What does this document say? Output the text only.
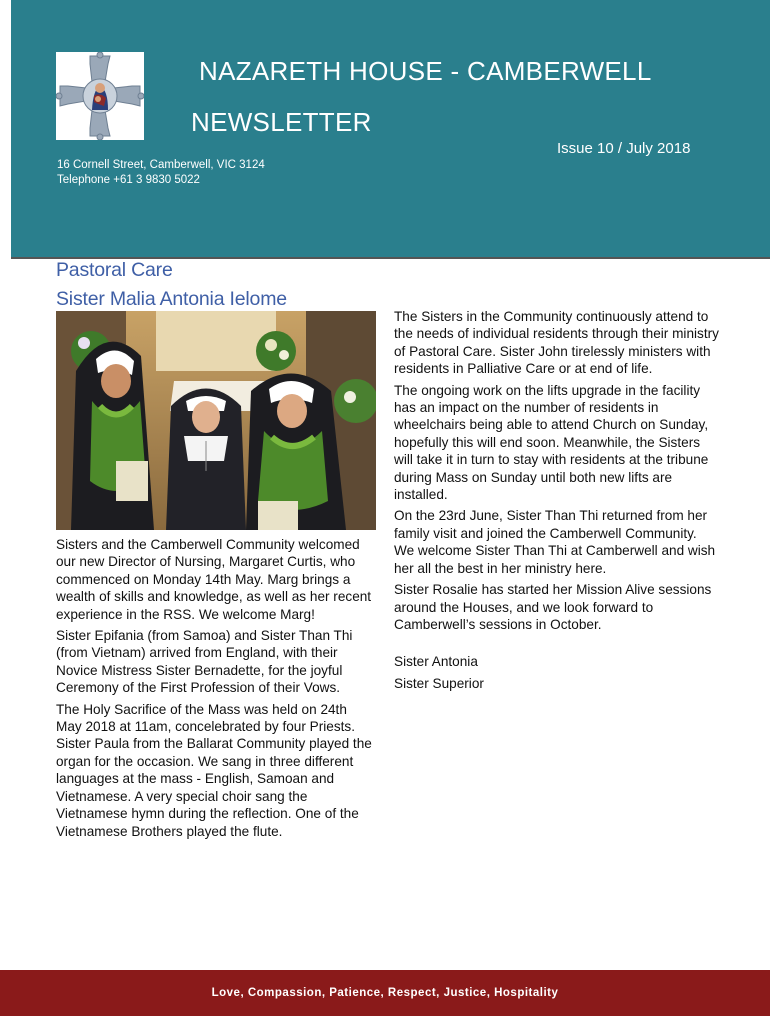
NAZARETH HOUSE - CAMBERWELL
NEWSLETTER
Issue 10 / July 2018
16 Cornell Street, Camberwell, VIC 3124
Telephone +61 3 9830 5022
Pastoral Care
Sister Malia Antonia Ielome

Sisters and the Camberwell Community welcomed our new Director of Nursing, Margaret Curtis, who commenced on Monday 14th May. Marg brings a wealth of skills and knowledge, as well as her recent experience in the RSS. We welcome Marg!

Sister Epifania (from Samoa) and Sister Than Thi (from Vietnam) arrived from England, with their Novice Mistress Sister Bernadette, for the joyful Ceremony of the First Profession of their Vows.

The Holy Sacrifice of the Mass was held on 24th May 2018 at 11am, concelebrated by four Priests. Sister Paula from the Ballarat Community played the organ for the occasion. We sang in three different languages at the mass - English, Samoan and Vietnamese. A very special choir sang the Vietnamese hymn during the reflection. One of the Vietnamese Brothers played the flute.

The Sisters in the Community continuously attend to the needs of individual residents through their ministry of Pastoral Care. Sister John tirelessly ministers with residents in Palliative Care or at end of life.

The ongoing work on the lifts upgrade in the facility has an impact on the number of residents in wheelchairs being able to attend Church on Sunday, hopefully this will end soon. Meanwhile, the Sisters will take it in turn to stay with residents at the tribune during Mass on Sunday until both new lifts are installed.

On the 23rd June, Sister Than Thi returned from her family visit and joined the Camberwell Community. We welcome Sister Than Thi at Camberwell and wish her all the best in her ministry here.

Sister Rosalie has started her Mission Alive sessions around the Houses, and we look forward to Camberwell’s sessions in October.

Sister Antonia

Sister Superior

Love, Compassion, Patience, Respect, Justice, Hospitality
